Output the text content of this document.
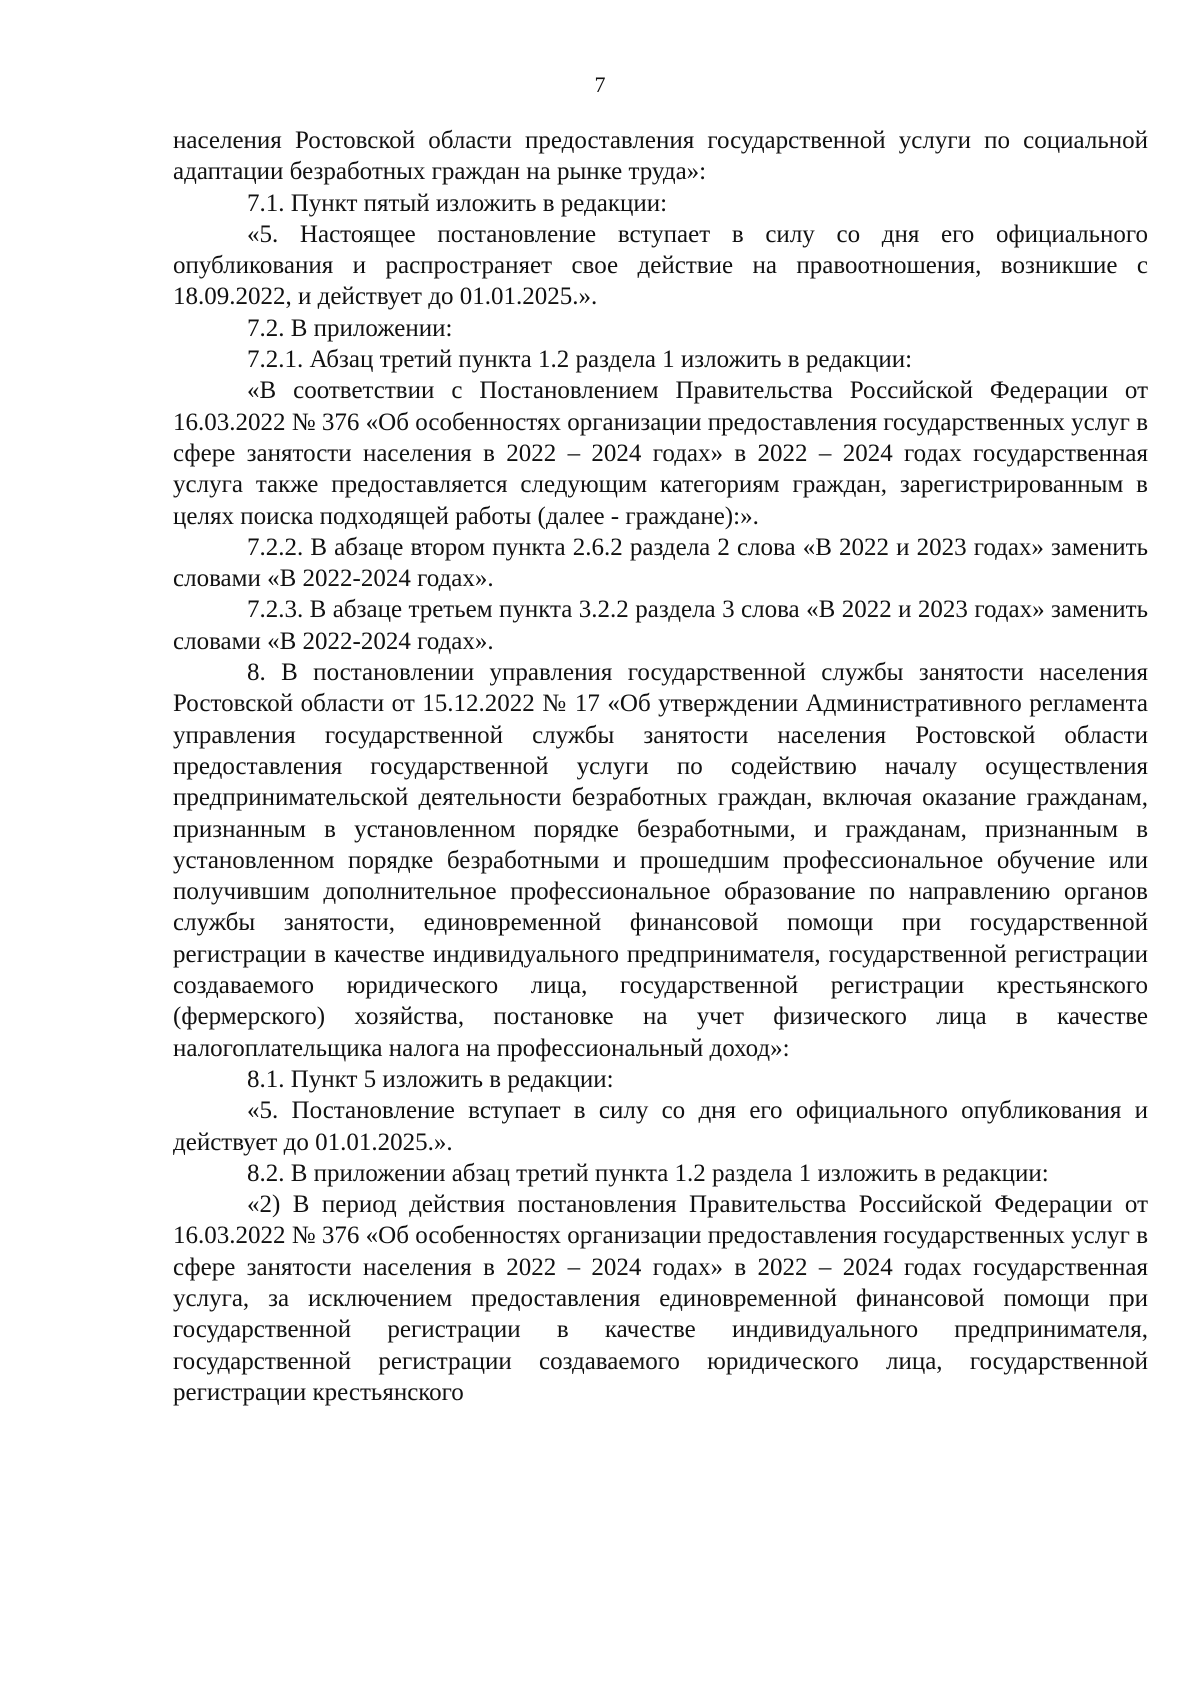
7

населения Ростовской области предоставления государственной услуги по социальной адаптации безработных граждан на рынке труда»:

7.1. Пункт пятый изложить в редакции:

«5. Настоящее постановление вступает в силу со дня его официального опубликования и распространяет свое действие на правоотношения, возникшие с 18.09.2022, и действует до 01.01.2025.».

7.2. В приложении:

7.2.1. Абзац третий пункта 1.2 раздела 1 изложить в редакции:

«В соответствии с Постановлением Правительства Российской Федерации от 16.03.2022 № 376 «Об особенностях организации предоставления государственных услуг в сфере занятости населения в 2022 – 2024 годах» в 2022 – 2024 годах государственная услуга также предоставляется следующим категориям граждан, зарегистрированным в целях поиска подходящей работы (далее - граждане):».

7.2.2. В абзаце втором пункта 2.6.2 раздела 2 слова «В 2022 и 2023 годах» заменить словами «В 2022-2024 годах».

7.2.3. В абзаце третьем пункта 3.2.2 раздела 3 слова «В 2022 и 2023 годах» заменить словами «В 2022-2024 годах».

8. В постановлении управления государственной службы занятости населения Ростовской области от 15.12.2022 № 17 «Об утверждении Административного регламента управления государственной службы занятости населения Ростовской области предоставления государственной услуги по содействию началу осуществления предпринимательской деятельности безработных граждан, включая оказание гражданам, признанным в установленном порядке безработными, и гражданам, признанным в установленном порядке безработными и прошедшим профессиональное обучение или получившим дополнительное профессиональное образование по направлению органов службы занятости, единовременной финансовой помощи при государственной регистрации в качестве индивидуального предпринимателя, государственной регистрации создаваемого юридического лица, государственной регистрации крестьянского (фермерского) хозяйства, постановке на учет физического лица в качестве налогоплательщика налога на профессиональный доход»:

8.1. Пункт 5 изложить в редакции:

«5. Постановление вступает в силу со дня его официального опубликования и действует до 01.01.2025.».

8.2. В приложении абзац третий пункта 1.2 раздела 1 изложить в редакции:

«2) В период действия постановления Правительства Российской Федерации от 16.03.2022 № 376 «Об особенностях организации предоставления государственных услуг в сфере занятости населения в 2022 – 2024 годах» в 2022 – 2024 годах государственная услуга, за исключением предоставления единовременной финансовой помощи при государственной регистрации в качестве индивидуального предпринимателя, государственной регистрации создаваемого юридического лица, государственной регистрации крестьянского
